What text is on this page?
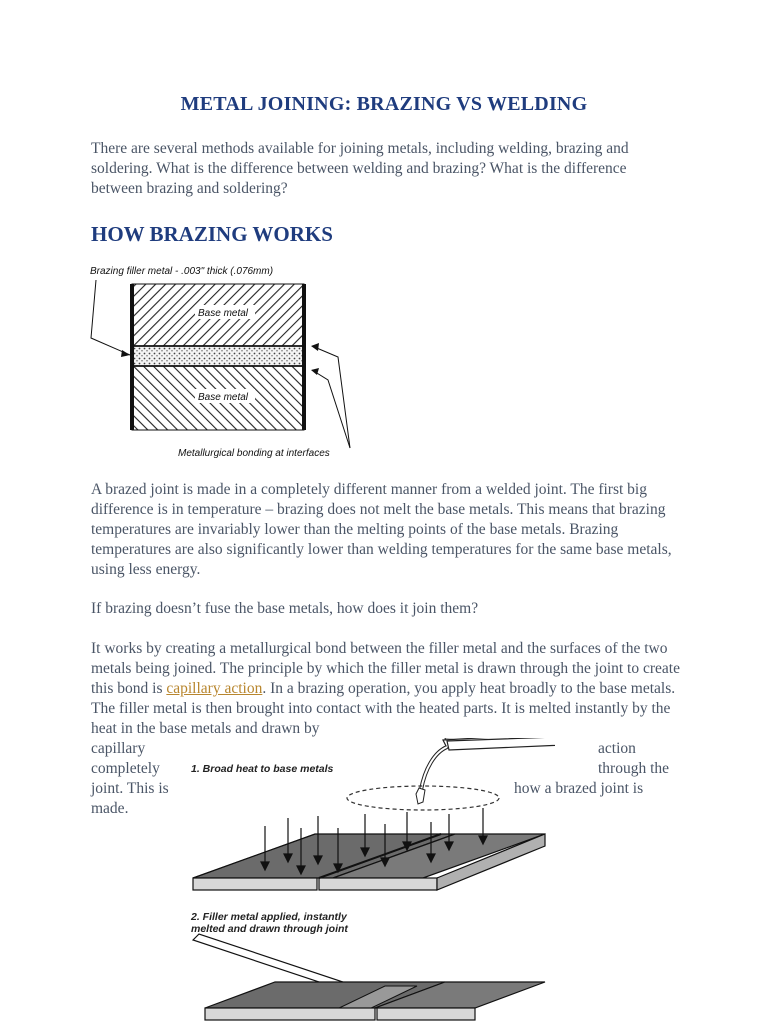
METAL JOINING: BRAZING VS WELDING

There are several methods available for joining metals, including welding, brazing and soldering. What is the difference between welding and brazing? What is the difference between brazing and soldering?

HOW BRAZING WORKS
Brazing filler metal - .003" thick (.076mm)
Base metal
Base metal
Metallurgical bonding at interfaces

A brazed joint is made in a completely different manner from a welded joint. The first big difference is in temperature – brazing does not melt the base metals. This means that brazing temperatures are invariably lower than the melting points of the base metals. Brazing temperatures are also significantly lower than welding temperatures for the same base metals, using less energy.

If brazing doesn’t fuse the base metals, how does it join them?

It works by creating a metallurgical bond between the filler metal and the surfaces of the two metals being joined. The principle by which the filler metal is drawn through the joint to create this bond is capillary action. In a brazing operation, you apply heat broadly to the base metals. The filler metal is then brought into contact with the heated parts. It is melted instantly by the heat in the base metals and drawn by

capillary	action
completely	through the
joint. This is	how a brazed joint is
made.
1. Broad heat to base metals
2. Filler metal applied, instantly
melted and drawn through joint
